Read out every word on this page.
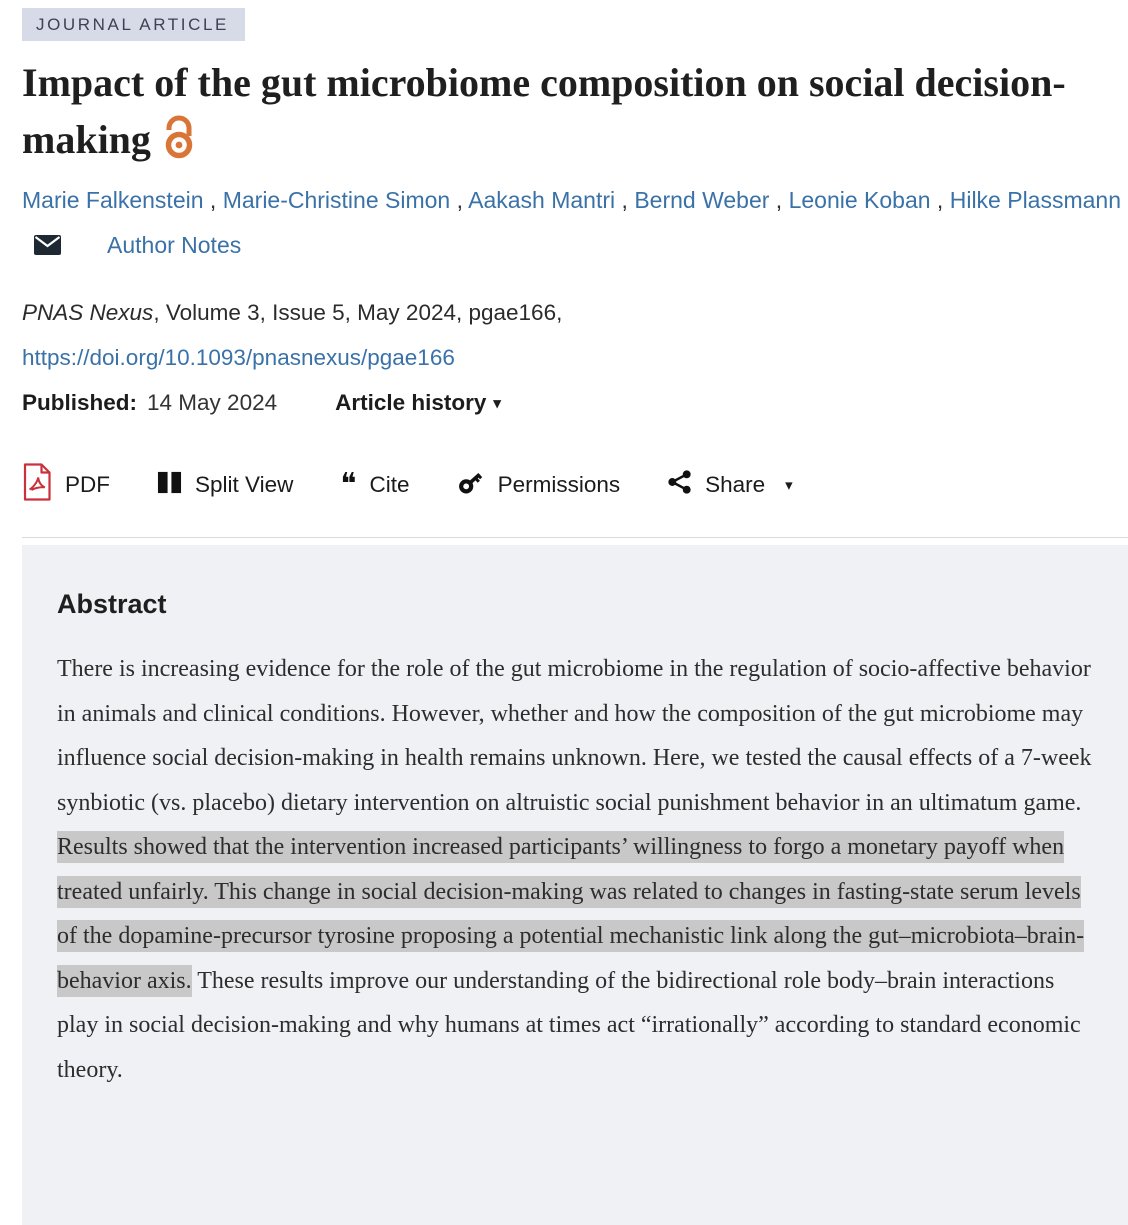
JOURNAL ARTICLE
Impact of the gut microbiome composition on social decision-making
Marie Falkenstein , Marie-Christine Simon , Aakash Mantri , Bernd Weber , Leonie Koban , Hilke PlassmannAuthor Notes
PNAS Nexus, Volume 3, Issue 5, May 2024, pgae166,
https://doi.org/10.1093/pnasnexus/pgae166
Published: 14 May 2024	Article history ▾
PDF	Split View ❝ Cite	Permissions	Share ▾
Abstract

There is increasing evidence for the role of the gut microbiome in the regulation of socio-affective behavior in animals and clinical conditions. However, whether and how the composition of the gut microbiome may influence social decision-making in health remains unknown. Here, we tested the causal effects of a 7-week synbiotic (vs. placebo) dietary intervention on altruistic social punishment behavior in an ultimatum game. Results showed that the intervention increased participants’ willingness to forgo a monetary payoff when treated unfairly. This change in social decision-making was related to changes in fasting-state serum levels of the dopamine-precursor tyrosine proposing a potential mechanistic link along the gut–microbiota–brain-behavior axis. These results improve our understanding of the bidirectional role body–brain interactions play in social decision-making and why humans at times act “irrationally” according to standard economic theory.
